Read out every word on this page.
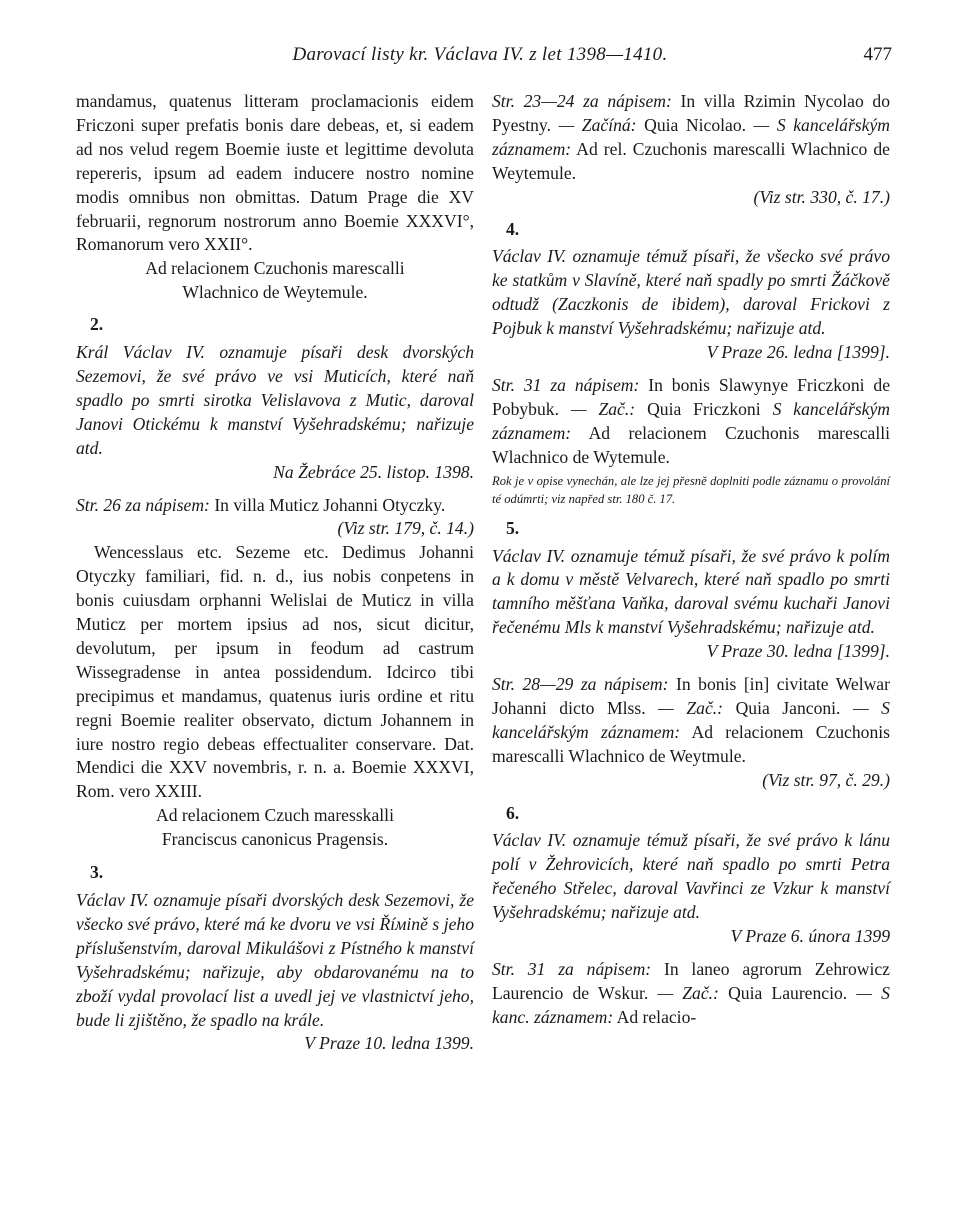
Darovací listy kr. Václava IV. z let 1398—1410.	477

mandamus, quatenus litteram proclamacionis eidem Friczoni super prefatis bonis dare debeas, et, si eadem ad nos velud regem Boemie iuste et legittime devoluta repereris, ipsum ad eadem inducere nostro nomine modis omnibus non obmittas. Datum Prage die XV februarii, regnorum nostrorum anno Boemie XXXVI°, Romanorum vero XXII°.

Ad relacionem Czuchonis marescalli
Wlachnico de Weytemule.

2.

Král Václav IV. oznamuje písaři desk dvorských Sezemovi, že své právo ve vsi Muticích, které naň spadlo po smrti sirotka Velislavova z Mutic, daroval Janovi Otickému k manství Vyšehradskému; nařizuje atd.

Na Žebráce 25. listop. 1398.

Str. 26 za nápisem: In villa Muticz Johanni Otyczky.

(Viz str. 179, č. 14.)

Wencesslaus etc. Sezeme etc. Dedimus Johanni Otyczky familiari, fid. n. d., ius nobis conpetens in bonis cuiusdam orphanni Welislai de Muticz in villa Muticz per mortem ipsius ad nos, sicut dicitur, devolutum, per ipsum in feodum ad castrum Wissegradense in antea possidendum. Idcirco tibi precipimus et mandamus, quatenus iuris ordine et ritu regni Boemie realiter observato, dictum Johannem in iure nostro regio debeas effectualiter conservare. Dat. Mendici die XXV novembris, r. n. a. Boemie XXXVI, Rom. vero XXIII.

Ad relacionem Czuch maresskalli
Franciscus canonicus Pragensis.

3.

Václav IV. oznamuje písaři dvorských desk Sezemovi, že všecko své právo, které má ke dvoru ve vsi Říміně s jeho příslušenstvím, daroval Mikulášovi z Pístného k manství Vyšehradskému; nařizuje, aby obdarovanému na to zboží vydal provolací list a uvedl jej ve vlastnictví jeho, bude li zjištěno, že spadlo na krále.

V Praze 10. ledna 1399.

Str. 23—24 za nápisem: In villa Rzimin Nycolao do Pyestny. — Začíná: Quia Nicolao. — S kancelářským záznamem: Ad rel. Czuchonis marescalli Wlachnico de Weytemule.

(Viz str. 330, č. 17.)

4.

Václav IV. oznamuje témuž písaři, že všecko své právo ke statkům v Slavíně, které naň spadly po smrti Žáčkově odtudž (Zaczkonis de ibidem), daroval Frickovi z Pojbuk k manství Vyšehradskému; nařizuje atd.

V Praze 26. ledna [1399].

Str. 31 za nápisem: In bonis Slawynye Friczkoni de Pobybuk. — Zač.: Quia Friczkoni S kancelářským záznamem: Ad relacionem Czuchonis marescalli Wlachnico de Wytemule.

Rok je v opise vynechán, ale lze jej přesně doplniti podle záznamu o provolání té odúmrti; viz napřed str. 180 č. 17.

5.

Václav IV. oznamuje témuž písaři, že své právo k polím a k domu v městě Velvarech, které naň spadlo po smrti tamního měšťana Vaňka, daroval svému kuchaři Janovi řečenému Mls k manství Vyšehradskému; nařizuje atd.

V Praze 30. ledna [1399].

Str. 28—29 za nápisem: In bonis [in] civitate Welwar Johanni dicto Mlss. — Zač.: Quia Janconi. — S kancelářským záznamem: Ad relacionem Czuchonis marescalli Wlachnico de Weytmule.

(Viz str. 97, č. 29.)

6.

Václav IV. oznamuje témuž písaři, že své právo k lánu polí v Žehrovicích, které naň spadlo po smrti Petra řečeného Střelec, daroval Vavřinci ze Vzkur k manství Vyšehradskému; nařizuje atd.

V Praze 6. února 1399

Str. 31 za nápisem: In laneo agrorum Zehrowicz Laurencio de Wskur. — Zač.: Quia Laurencio. — S kanc. záznamem: Ad relacio-
